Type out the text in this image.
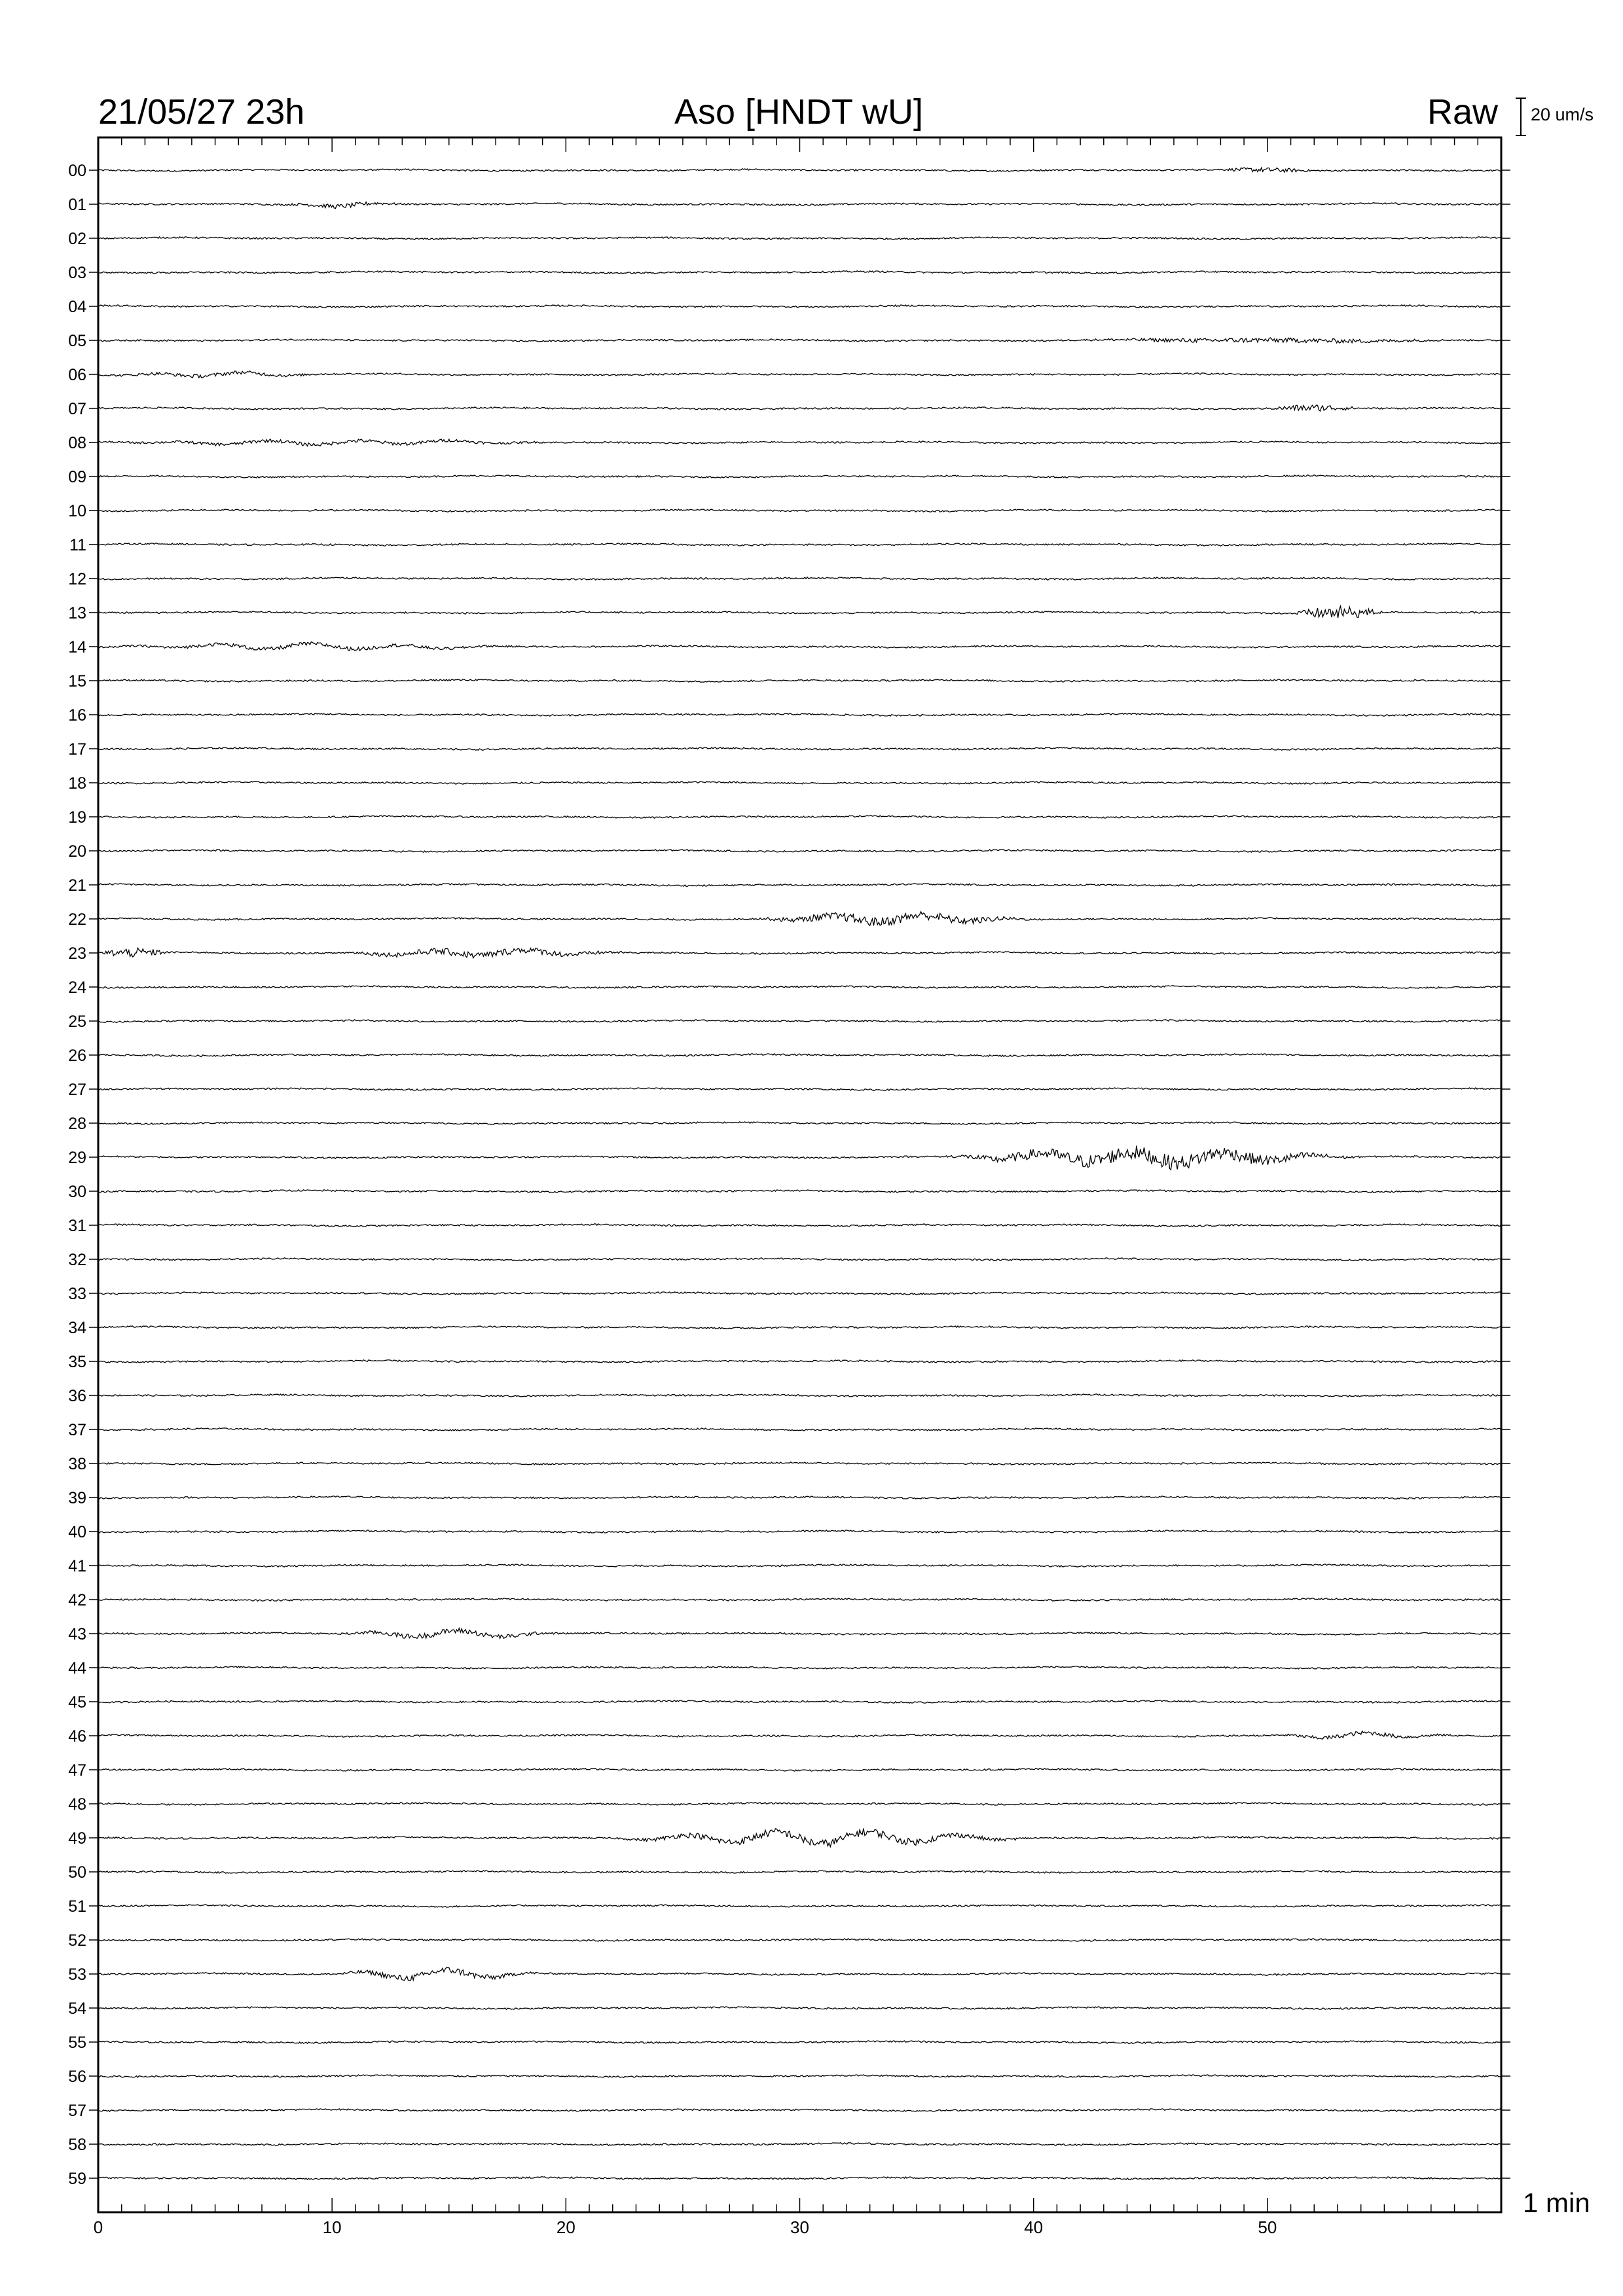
00
01
02
03
04
05
06
07
08
09
10
11
12
13
14
15
16
17
18
19
20
21
22
23
24
25
26
27
28
29
30
31
32
33
34
35
36
37
38
39
40
41
42
43
44
45
46
47
48
49
50
51
52
53
54
55
56
57
58
59
0	10	20	30	40	50
21/05/27 23h	Aso [HNDT wU]	Raw 20 um/s
1 min
